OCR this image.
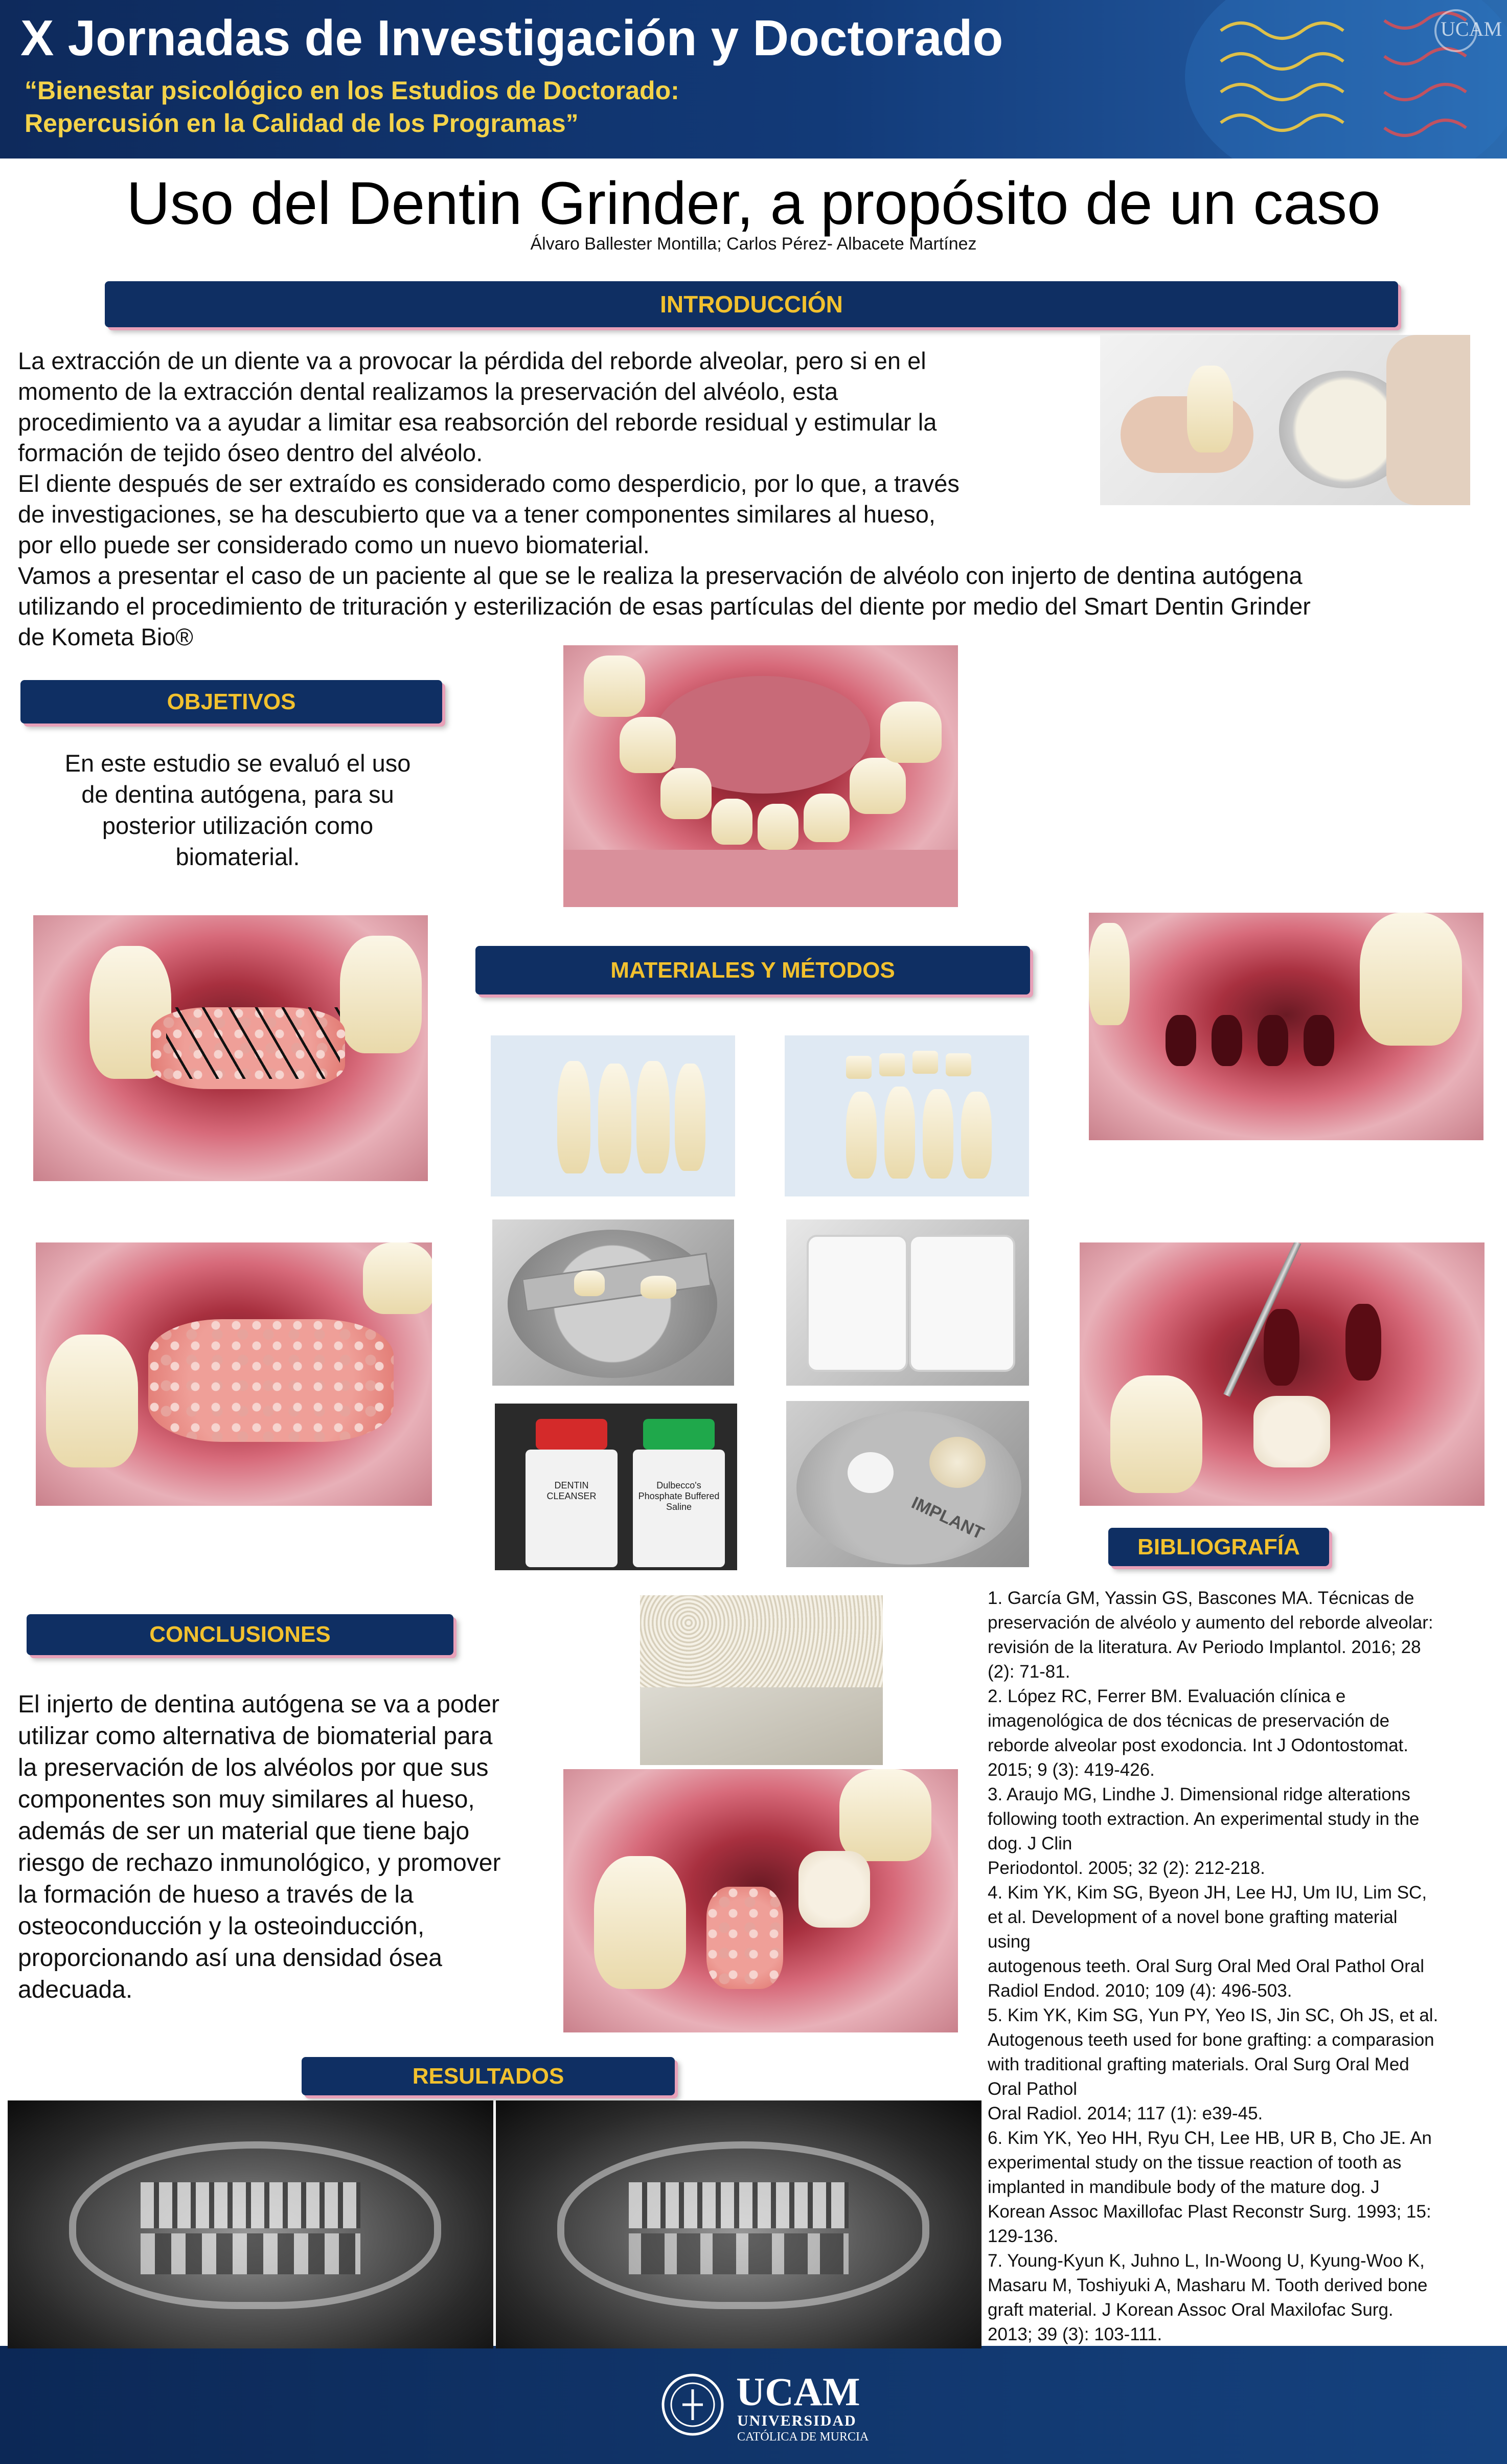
UCAM
X Jornadas de Investigación y Doctorado
“Bienestar psicológico en los Estudios de Doctorado:
Repercusión en la Calidad de los Programas”
Uso del Dentin Grinder, a propósito de un caso
Álvaro Ballester Montilla; Carlos Pérez- Albacete Martínez
INTRODUCCIÓN
La extracción de un diente va a provocar la pérdida del reborde alveolar, pero si en el
momento de la extracción dental realizamos la preservación del alvéolo, esta
procedimiento va a ayudar a limitar esa reabsorción del reborde residual y estimular la
formación de tejido óseo dentro del alvéolo.
El diente después de ser extraído es considerado como desperdicio, por lo que, a través
de investigaciones, se ha descubierto que va a tener componentes similares al hueso,
por ello puede ser considerado como un nuevo biomaterial.
Vamos a presentar el caso de un paciente al que se le realiza la preservación de alvéolo con injerto de dentina autógena
utilizando el procedimiento de trituración y esterilización de esas partículas del diente por medio del Smart Dentin Grinder
de Kometa Bio®
OBJETIVOS
En este estudio se evaluó el uso
de dentina autógena, para su
posterior utilización como
biomaterial.
MATERIALES Y MÉTODOS
DENTIN CLEANSER
Dulbecco's Phosphate Buffered Saline	IMPLANT
BIBLIOGRAFÍA
CONCLUSIONES
El injerto de dentina autógena se va a poder
utilizar como alternativa de biomaterial para
la preservación de los alvéolos por que sus
componentes son muy similares al hueso,
además de ser un material que tiene bajo
riesgo de rechazo inmunológico, y promover
la formación de hueso a través de la
osteoconducción y la osteoinducción,
proporcionando así una densidad ósea
adecuada.
1. García GM, Yassin GS, Bascones MA. Técnicas de
preservación de alvéolo y aumento del reborde alveolar:
revisión de la literatura. Av Periodo Implantol. 2016; 28
(2): 71-81.
2. López RC, Ferrer BM. Evaluación clínica e
imagenológica de dos técnicas de preservación de
reborde alveolar post exodoncia. Int J Odontostomat.
2015; 9 (3): 419-426.
3. Araujo MG, Lindhe J. Dimensional ridge alterations
following tooth extraction. An experimental study in the
dog. J Clin
Periodontol. 2005; 32 (2): 212-218.
4. Kim YK, Kim SG, Byeon JH, Lee HJ, Um IU, Lim SC,
et al. Development of a novel bone grafting material
using
autogenous teeth. Oral Surg Oral Med Oral Pathol Oral
Radiol Endod. 2010; 109 (4): 496-503.
5. Kim YK, Kim SG, Yun PY, Yeo IS, Jin SC, Oh JS, et al.
Autogenous teeth used for bone grafting: a comparasion
with traditional grafting materials. Oral Surg Oral Med
Oral Pathol
Oral Radiol. 2014; 117 (1): e39-45.
6. Kim YK, Yeo HH, Ryu CH, Lee HB, UR B, Cho JE. An
experimental study on the tissue reaction of tooth as
implanted in mandibule body of the mature dog. J
Korean Assoc Maxillofac Plast Reconstr Surg. 1993; 15:
129-136.
7. Young-Kyun K, Juhno L, In-Woong U, Kyung-Woo K,
Masaru M, Toshiyuki A, Masharu M. Tooth derived bone
graft material. J Korean Assoc Oral Maxilofac Surg.
2013; 39 (3): 103-111.
RESULTADOS
UCAM
UNIVERSIDAD
CATÓLICA DE MURCIA
